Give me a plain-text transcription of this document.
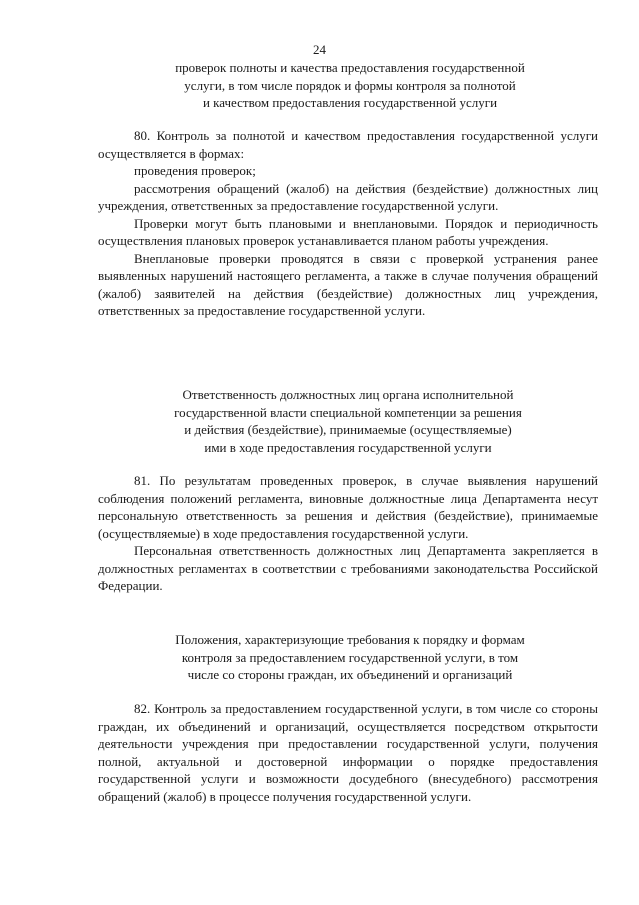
24
проверок полноты и качества предоставления государственной
услуги, в том числе порядок и формы контроля за полнотой
и качеством предоставления государственной услуги

80. Контроль за полнотой и качеством предоставления государственной услуги осуществляется в формах:

проведения проверок;

рассмотрения обращений (жалоб) на действия (бездействие) должностных лиц учреждения, ответственных за предоставление государственной услуги.

Проверки могут быть плановыми и внеплановыми. Порядок и периодичность осуществления плановых проверок устанавливается планом работы учреждения.

Внеплановые проверки проводятся в связи с проверкой устранения ранее выявленных нарушений настоящего регламента, а также в случае получения обращений (жалоб) заявителей на действия (бездействие) должностных лиц учреждения, ответственных за предоставление государственной услуги.

Ответственность должностных лиц органа исполнительной
государственной власти специальной компетенции за решения
и действия (бездействие), принимаемые (осуществляемые)
ими в ходе предоставления государственной услуги

81. По результатам проведенных проверок, в случае выявления нарушений соблюдения положений регламента, виновные должностные лица Департамента несут персональную ответственность за решения и действия (бездействие), принимаемые (осуществляемые) в ходе предоставления государственной услуги.

Персональная ответственность должностных лиц Департамента закрепляется в должностных регламентах в соответствии с требованиями законодательства Российской Федерации.

Положения, характеризующие требования к порядку и формам
контроля за предоставлением государственной услуги, в том
числе со стороны граждан, их объединений и организаций

82. Контроль за предоставлением государственной услуги, в том числе со стороны граждан, их объединений и организаций, осуществляется посредством открытости деятельности учреждения при предоставлении государственной услуги, получения полной, актуальной и достоверной информации о порядке предоставления государственной услуги и возможности досудебного (внесудебного) рассмотрения обращений (жалоб) в процессе получения государственной услуги.
